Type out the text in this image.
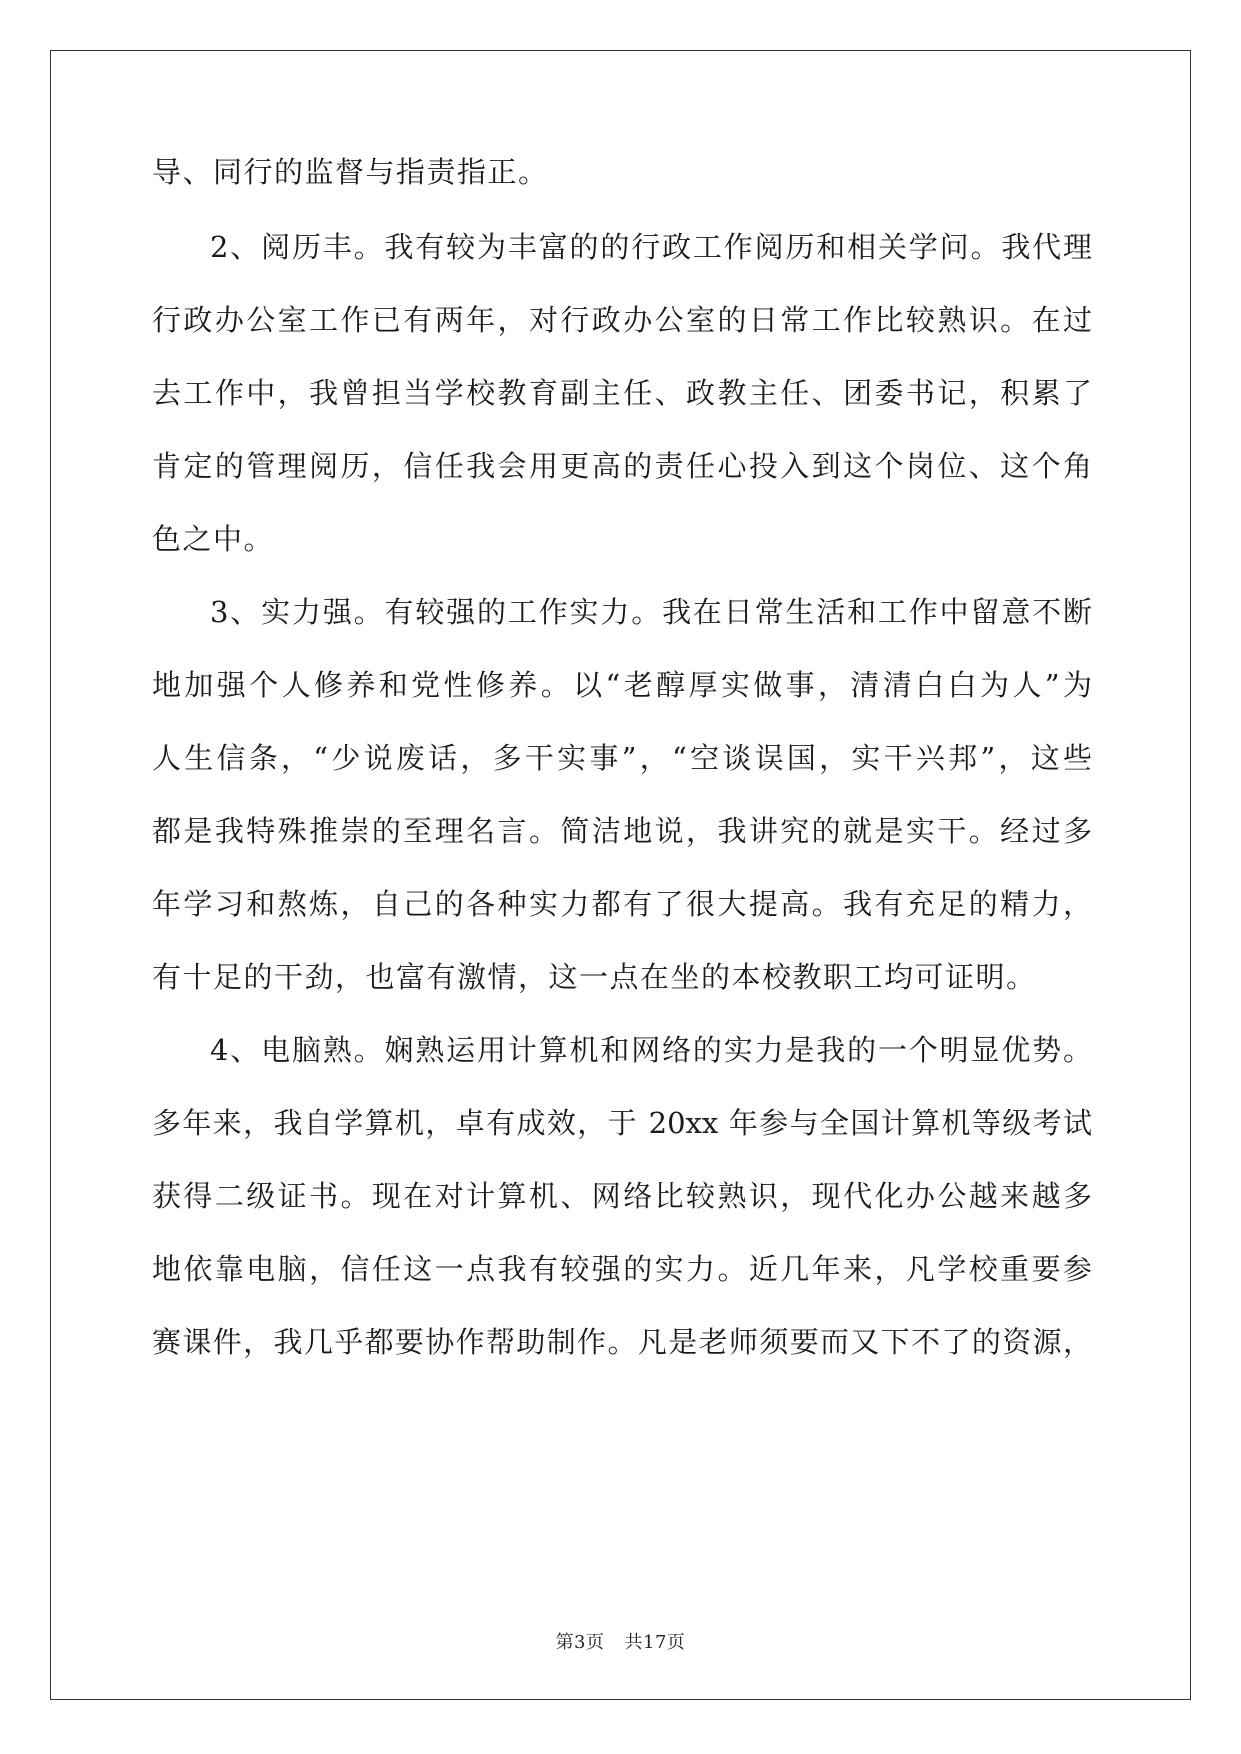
导、同行的监督与指责指正。
2、阅历丰。我有较为丰富的的行政工作阅历和相关学问。我代理
行政办公室工作已有两年，对行政办公室的日常工作比较熟识。在过
去工作中，我曾担当学校教育副主任、政教主任、团委书记，积累了
肯定的管理阅历，信任我会用更高的责任心投入到这个岗位、这个角
色之中。
3、实力强。有较强的工作实力。我在日常生活和工作中留意不断
地加强个人修养和党性修养。以“老醇厚实做事，清清白白为人”为
人生信条，“少说废话，多干实事”，“空谈误国，实干兴邦”，这些
都是我特殊推崇的至理名言。简洁地说，我讲究的就是实干。经过多
年学习和熬炼，自己的各种实力都有了很大提高。我有充足的精力，
有十足的干劲，也富有激情，这一点在坐的本校教职工均可证明。
4、电脑熟。娴熟运用计算机和网络的实力是我的一个明显优势。
多年来，我自学算机，卓有成效，于 20xx 年参与全国计算机等级考试
获得二级证书。现在对计算机、网络比较熟识，现代化办公越来越多
地依靠电脑，信任这一点我有较强的实力。近几年来，凡学校重要参
赛课件，我几乎都要协作帮助制作。凡是老师须要而又下不了的资源，
第3页 共17页
